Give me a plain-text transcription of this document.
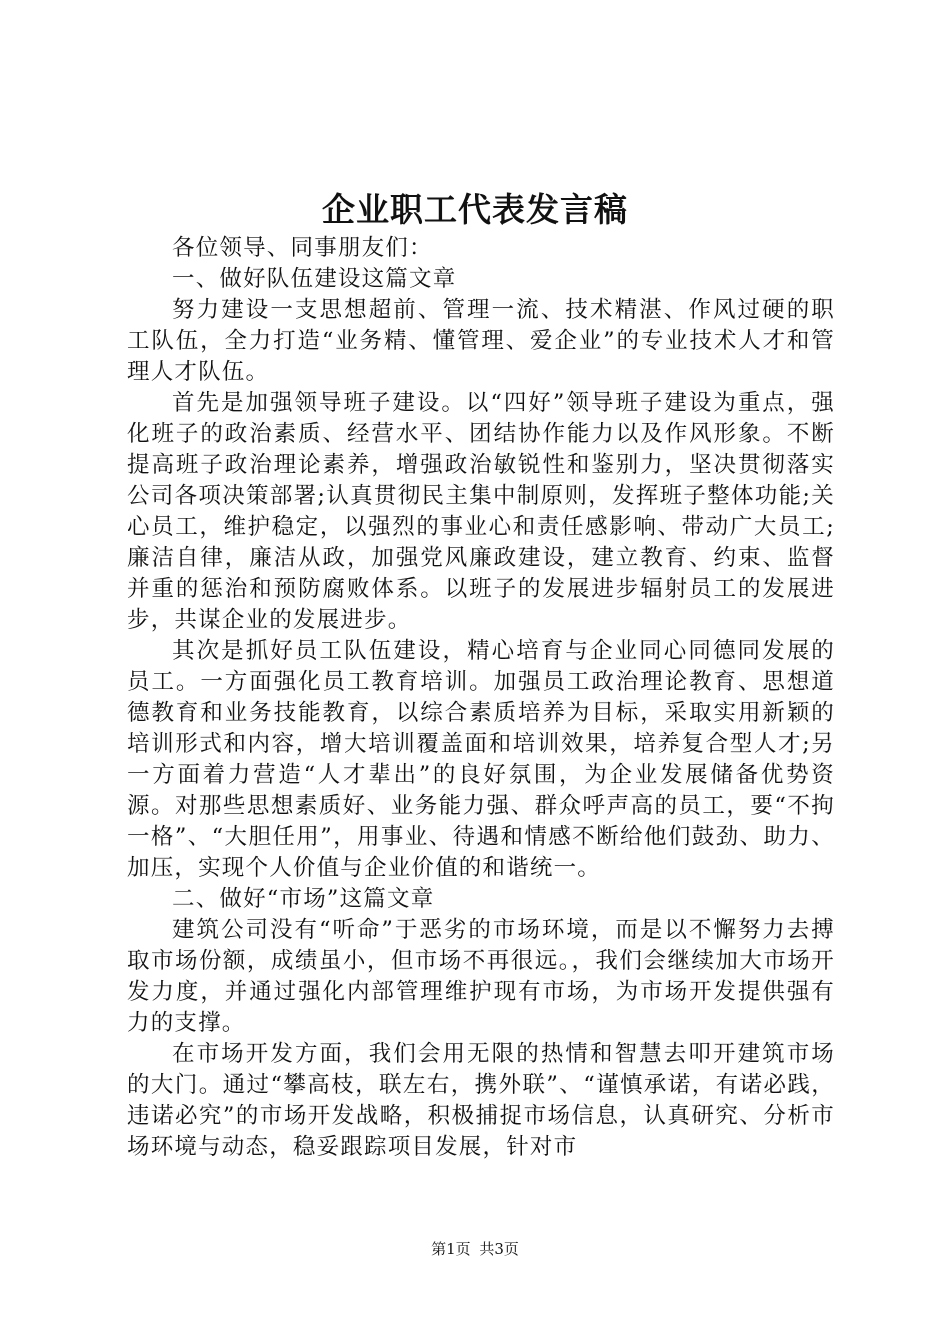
企业职工代表发言稿

各位领导、同事朋友们：

一、做好队伍建设这篇文章

努力建设一支思想超前、管理一流、技术精湛、作风过硬的职工队伍，全力打造“业务精、懂管理、爱企业”的专业技术人才和管理人才队伍。

首先是加强领导班子建设。以“四好”领导班子建设为重点，强化班子的政治素质、经营水平、团结协作能力以及作风形象。不断提高班子政治理论素养，增强政治敏锐性和鉴别力，坚决贯彻落实公司各项决策部署;认真贯彻民主集中制原则，发挥班子整体功能;关心员工，维护稳定，以强烈的事业心和责任感影响、带动广大员工;廉洁自律，廉洁从政，加强党风廉政建设，建立教育、约束、监督并重的惩治和预防腐败体系。以班子的发展进步辐射员工的发展进步，共谋企业的发展进步。

其次是抓好员工队伍建设，精心培育与企业同心同德同发展的员工。一方面强化员工教育培训。加强员工政治理论教育、思想道德教育和业务技能教育，以综合素质培养为目标，采取实用新颖的培训形式和内容，增大培训覆盖面和培训效果，培养复合型人才;另一方面着力营造“人才辈出”的良好氛围，为企业发展储备优势资源。对那些思想素质好、业务能力强、群众呼声高的员工，要“不拘一格”、“大胆任用”，用事业、待遇和情感不断给他们鼓劲、助力、加压，实现个人价值与企业价值的和谐统一。

二、做好“市场”这篇文章

建筑公司没有“听命”于恶劣的市场环境，而是以不懈努力去搏取市场份额，成绩虽小，但市场不再很远。，我们会继续加大市场开发力度，并通过强化内部管理维护现有市场，为市场开发提供强有力的支撑。

在市场开发方面，我们会用无限的热情和智慧去叩开建筑市场的大门。通过“攀高枝，联左右，携外联”、“谨慎承诺，有诺必践，违诺必究”的市场开发战略，积极捕捉市场信息，认真研究、分析市场环境与动态，稳妥跟踪项目发展，针对市

第1页 共3页
